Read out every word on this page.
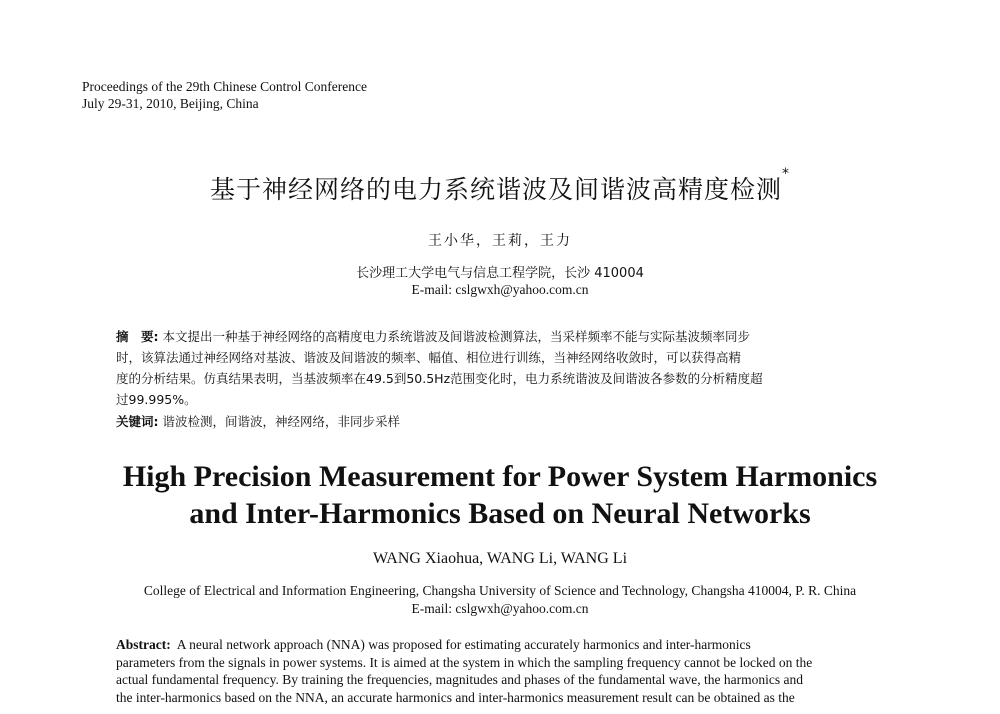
Proceedings of the 29th Chinese Control Conference
July 29-31, 2010, Beijing, China
基于神经网络的电力系统谐波及间谐波高精度检测*
王小华，王莉，王力
长沙理工大学电气与信息工程学院，长沙 410004
E-mail: cslgwxh@yahoo.com.cn
摘　要: 本文提出一种基于神经网络的高精度电力系统谐波及间谐波检测算法，当采样频率不能与实际基波频率同步
时，该算法通过神经网络对基波、谐波及间谐波的频率、幅值、相位进行训练，当神经网络收敛时，可以获得高精
度的分析结果。仿真结果表明，当基波频率在49.5到50.5Hz范围变化时，电力系统谐波及间谐波各参数的分析精度超
过99.995%。
关键词: 谐波检测，间谐波，神经网络，非同步采样
High Precision Measurement for Power System Harmonics
and Inter-Harmonics Based on Neural Networks
WANG Xiaohua, WANG Li, WANG Li
College of Electrical and Information Engineering, Changsha University of Science and Technology, Changsha 410004, P. R. China
E-mail: cslgwxh@yahoo.com.cn
Abstract: A neural network approach (NNA) was proposed for estimating accurately harmonics and inter-harmonics
parameters from the signals in power systems. It is aimed at the system in which the sampling frequency cannot be locked on the
actual fundamental frequency. By training the frequencies, magnitudes and phases of the fundamental wave, the harmonics and
the inter-harmonics based on the NNA, an accurate harmonics and inter-harmonics measurement result can be obtained as the
